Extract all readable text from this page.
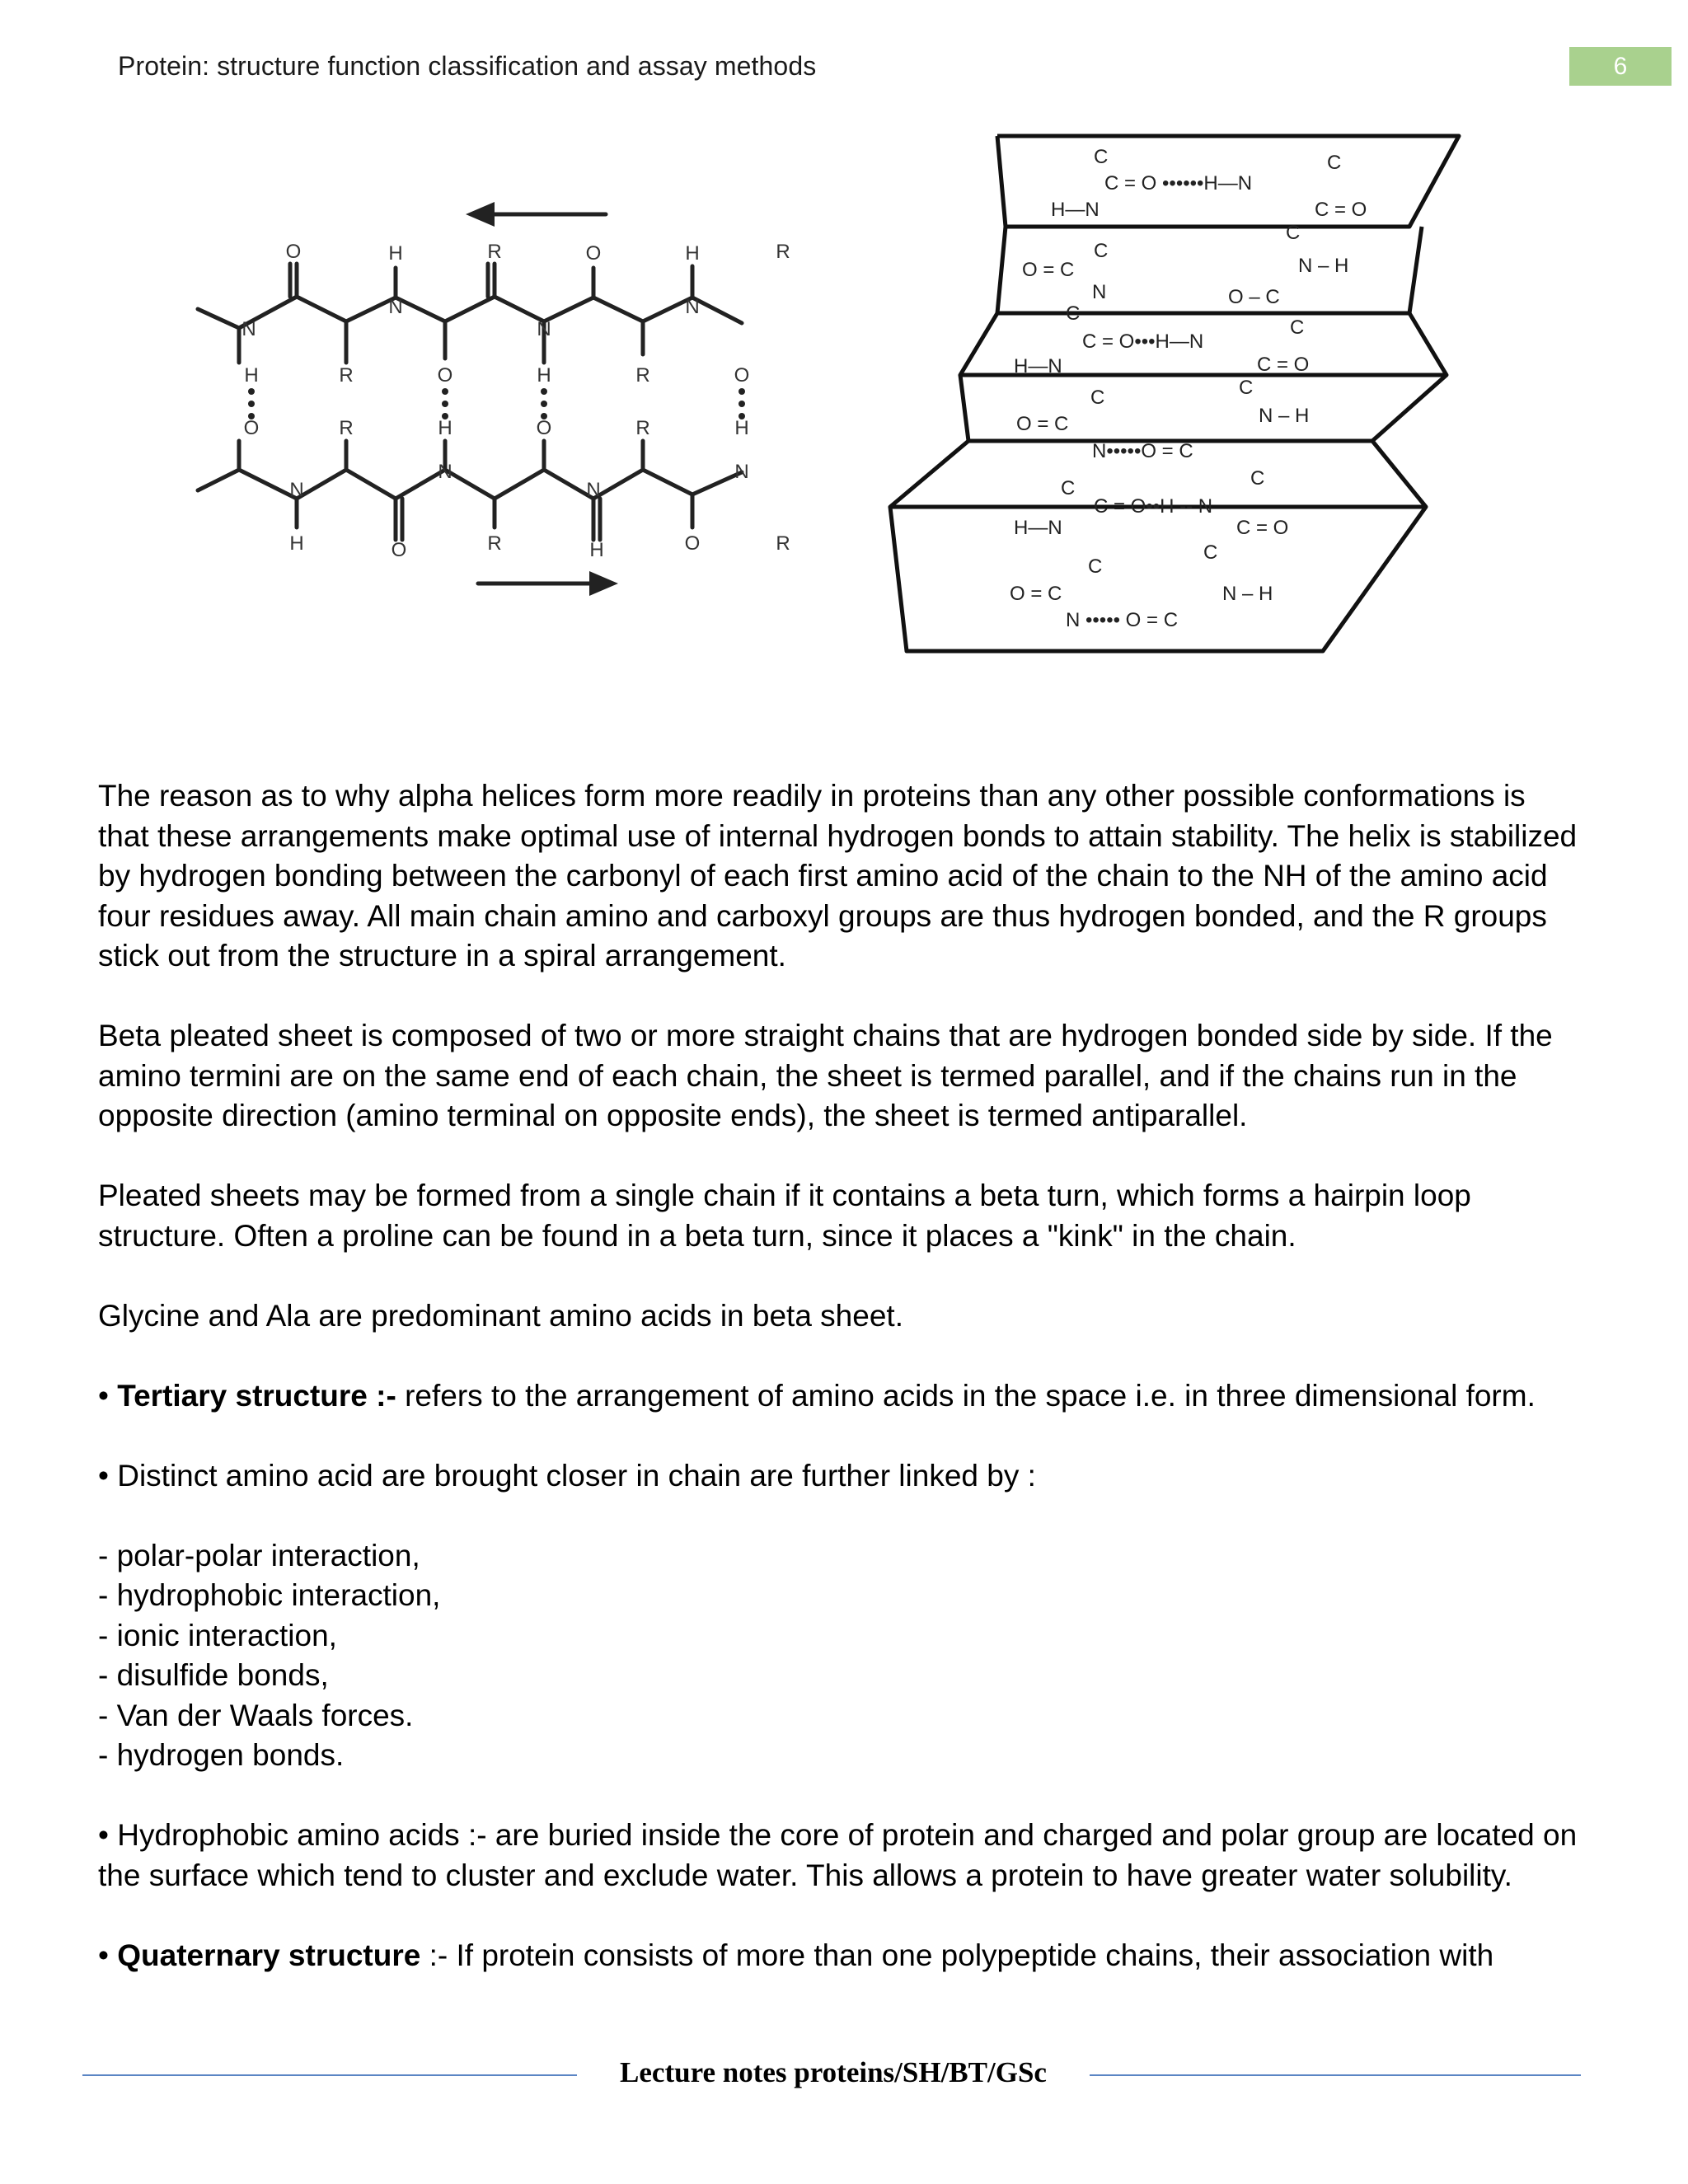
Protein: structure function classification and assay methods	6
O	H	R	O	H	R
N
N
N
N
H	R	O	H	R	O
O	R	H	O	R	H
N
N
N
N
H	O	R	H	O	R
C	C
C = O ••••••H—N
H—N	C = O
C
C
O = C	N – H
N	O – C
C
C = O•••H—N
C
H—N	C = O
C	C
O = C	N – H
N•••••O = C
C
C
C = O••H -- N
H—N	C = O
C
C
O = C	N – H
N ••••• O = C

The reason as to why alpha helices form more readily in proteins than any other possible conformations is that these arrangements make optimal use of internal hydrogen bonds to attain stability. The helix is stabilized by hydrogen bonding between the carbonyl of each first amino acid of the chain to the NH of the amino acid four residues away. All main chain amino and carboxyl groups are thus hydrogen bonded, and the R groups stick out from the structure in a spiral arrangement.

Beta pleated sheet is composed of two or more straight chains that are hydrogen bonded side by side. If the amino termini are on the same end of each chain, the sheet is termed parallel, and if the chains run in the opposite direction (amino terminal on opposite ends), the sheet is termed antiparallel.

Pleated sheets may be formed from a single chain if it contains a beta turn, which forms a hairpin loop structure. Often a proline can be found in a beta turn, since it places a "kink" in the chain.

Glycine and Ala are predominant amino acids in beta sheet.

• Tertiary structure :- refers to the arrangement of amino acids in the space i.e. in three dimensional form.

• Distinct amino acid are brought closer in chain are further linked by :

- polar-polar interaction,
- hydrophobic interaction,
- ionic interaction,
- disulfide bonds,
- Van der Waals forces.
- hydrogen bonds.

• Hydrophobic amino acids :- are buried inside the core of protein and charged and polar group are located on the surface which tend to cluster and exclude water. This allows a protein to have greater water solubility.

• Quaternary structure :- If protein consists of more than one polypeptide chains, their association with

Lecture notes proteins/SH/BT/GSc
